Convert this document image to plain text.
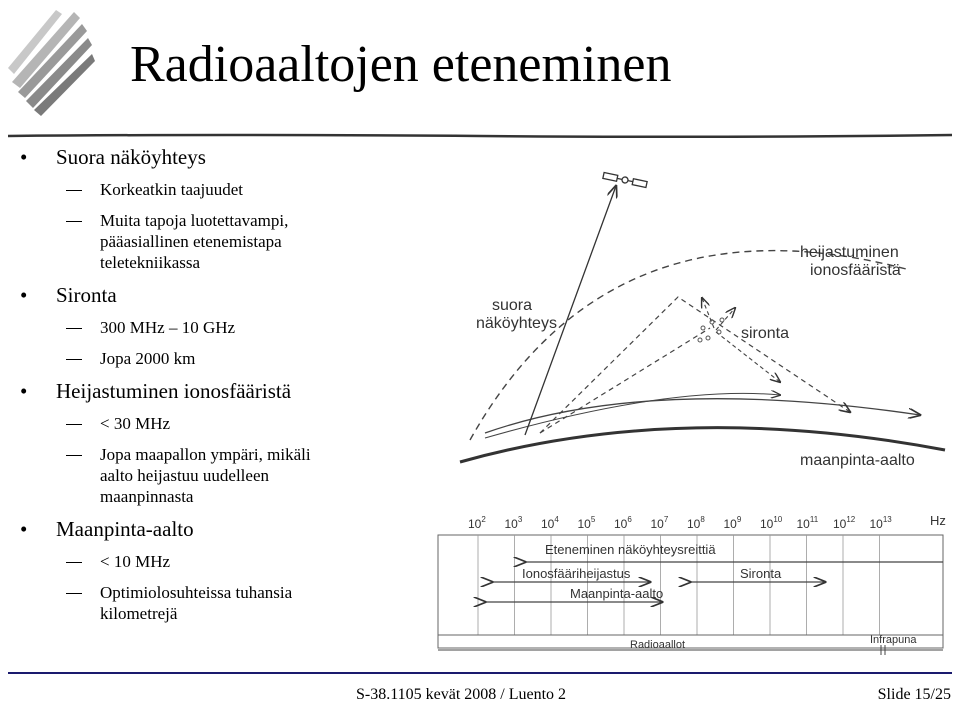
Radioaaltojen eteneminen
• Suora näköyhteys
Korkeatkin taajuudet
Muita tapoja luotettavampi,
pääasiallinen etenemistapa
teletekniikassa
• Sironta
300 MHz – 10 GHz
Jopa 2000 km
• Heijastuminen ionosfääristä
< 30 MHz
Jopa maapallon ympäri, mikäli
aalto heijastuu uudelleen
maanpinnasta
• Maanpinta-aalto
< 10 MHz
Optimiolosuhteissa tuhansia
kilometrejä
suora
näköyhteys
heijastuminen
ionosfääristä
sironta
maanpinta-aalto
$10^2$ $10^3$ $10^4$ $10^5$ $10^6$ $10^7$ $10^8$ $10^9$ $10^{10}$ $10^{11}$ $10^{12}$ $10^{13}$	Hz
Eteneminen näköyhteysreittiä
Ionosfääriheijastus	Sironta
Maanpinta-aalto
Radioaallot	Infrapuna
S-38.1105 kevät 2008 / Luento 2	Slide 15/25
